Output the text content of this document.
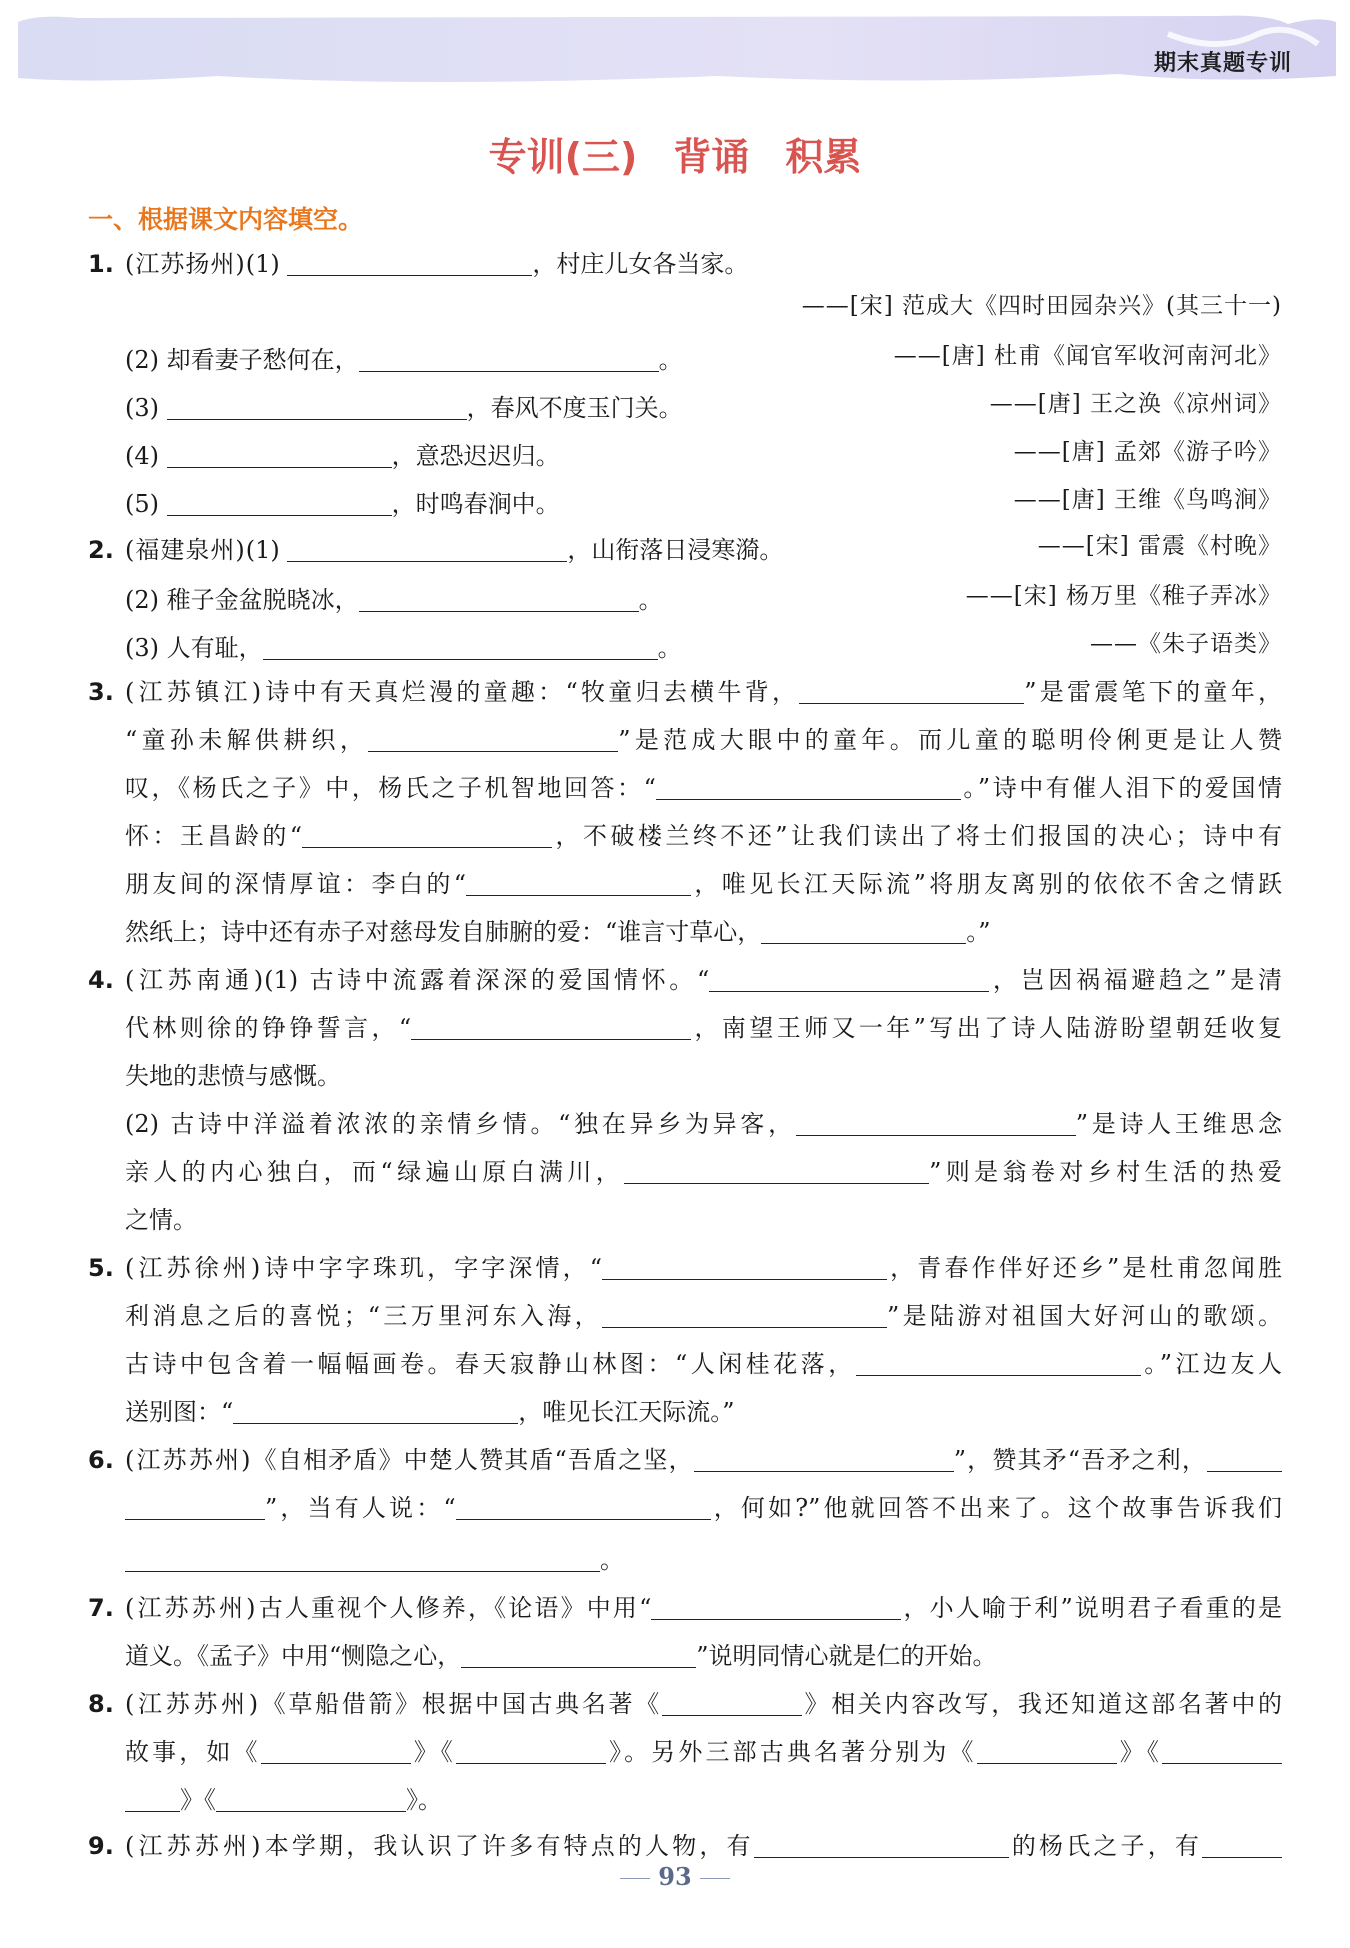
期末真题专训
专训(三) 背诵 积累
一、根据课文内容填空。
1. (江苏扬州)(1)	，村庄儿女各当家。
——[宋] 范成大《四时田园杂兴》(其三十一)
(2) 却看妻子愁何在，	。	——[唐] 杜甫《闻官军收河南河北》
(3)	，春风不度玉门关。	——[唐] 王之涣《凉州词》
(4)	，意恐迟迟归。	——[唐] 孟郊《游子吟》
(5)	，时鸣春涧中。	——[唐] 王维《鸟鸣涧》
2. (福建泉州)(1)	，山衔落日浸寒漪。	——[宋] 雷震《村晚》
(2) 稚子金盆脱晓冰，	。	——[宋] 杨万里《稚子弄冰》
(3) 人有耻，	。	——《朱子语类》
3. (江苏镇江)诗中有天真烂漫的童趣：“牧童归去横牛背，	”是雷震笔下的童年，
“童孙未解供耕织，	”是范成大眼中的童年。而儿童的聪明伶俐更是让人赞
叹，《杨氏之子》中，杨氏之子机智地回答：“	。”诗中有催人泪下的爱国情
怀：王昌龄的“	，不破楼兰终不还”让我们读出了将士们报国的决心；诗中有
朋友间的深情厚谊：李白的“	，唯见长江天际流”将朋友离别的依依不舍之情跃
然纸上；诗中还有赤子对慈母发自肺腑的爱：“谁言寸草心，	。”
4. (江苏南通)(1) 古诗中流露着深深的爱国情怀。“	，岂因祸福避趋之”是清
代林则徐的铮铮誓言，“	，南望王师又一年”写出了诗人陆游盼望朝廷收复
失地的悲愤与感慨。
(2) 古诗中洋溢着浓浓的亲情乡情。“独在异乡为异客，	”是诗人王维思念
亲人的内心独白，而“绿遍山原白满川，	”则是翁卷对乡村生活的热爱
之情。
5. (江苏徐州)诗中字字珠玑，字字深情，“	，青春作伴好还乡”是杜甫忽闻胜
利消息之后的喜悦；“三万里河东入海，	”是陆游对祖国大好河山的歌颂。
古诗中包含着一幅幅画卷。春天寂静山林图：“人闲桂花落，	。”江边友人
送别图：“	，唯见长江天际流。”
6. (江苏苏州)《自相矛盾》中楚人赞其盾“吾盾之坚，	”，赞其矛“吾矛之利，
”，当有人说：“	，何如?”他就回答不出来了。这个故事告诉我们
。
7. (江苏苏州)古人重视个人修养，《论语》中用“	，小人喻于利”说明君子看重的是
道义。《孟子》中用“恻隐之心，	”说明同情心就是仁的开始。
8. (江苏苏州)《草船借箭》根据中国古典名著《	》相关内容改写，我还知道这部名著中的
故事，如《	》《	》。另外三部古典名著分别为《	》《
》《	》。
9. (江苏苏州)本学期，我认识了许多有特点的人物，有	的杨氏之子，有
93
